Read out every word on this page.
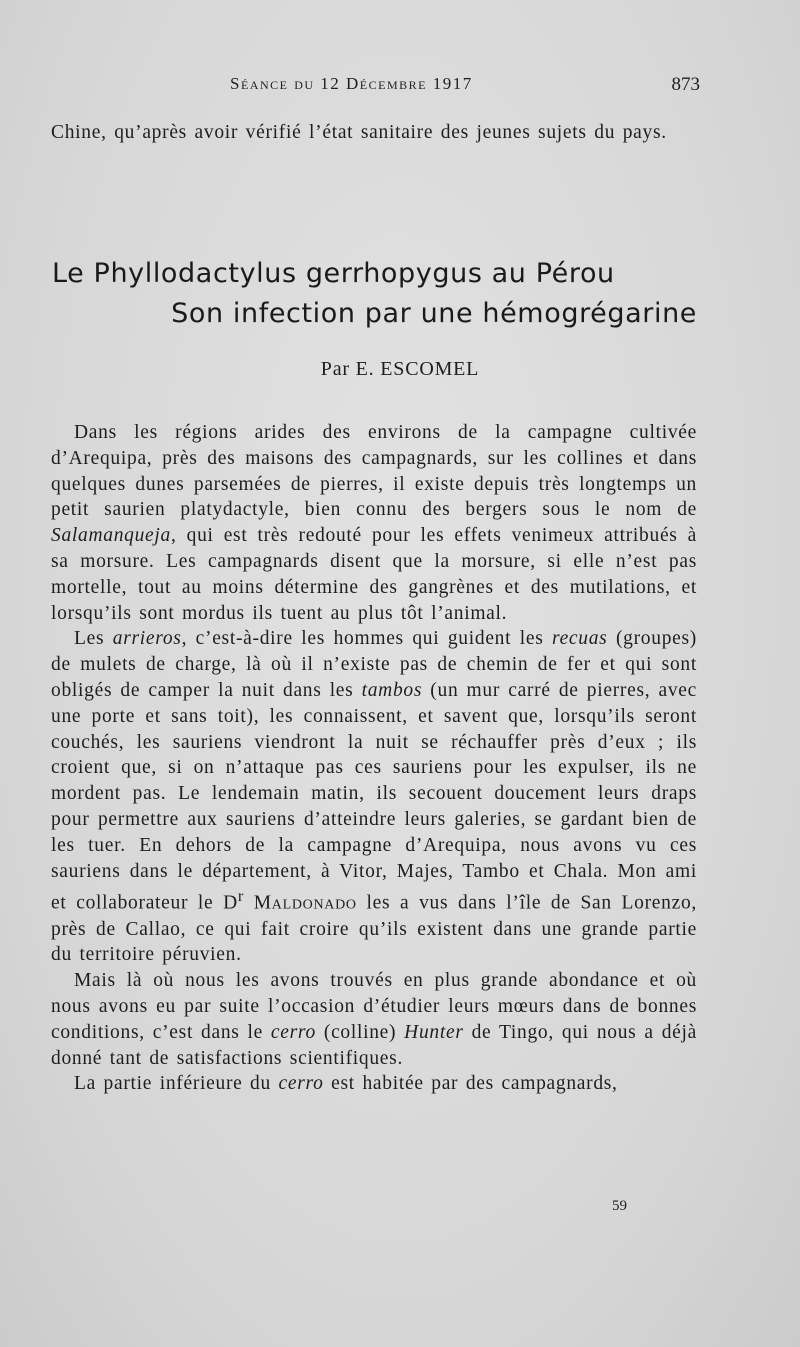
Séance du 12 Décembre 1917	873

Chine, qu’après avoir vérifié l’état sanitaire des jeunes sujets du pays.

Le Phyllodactylus gerrhopygus au Pérou
Son infection par une hémogrégarine
Par E. ESCOMEL

Dans les régions arides des environs de la campagne cultivée d’Arequipa, près des maisons des campagnards, sur les collines et dans quelques dunes parsemées de pierres, il existe depuis très longtemps un petit saurien platydactyle, bien connu des bergers sous le nom de Salamanqueja, qui est très redouté pour les effets venimeux attribués à sa morsure. Les campagnards disent que la morsure, si elle n’est pas mortelle, tout au moins détermine des gangrènes et des mutilations, et lorsqu’ils sont mordus ils tuent au plus tôt l’animal.

Les arrieros, c’est-à-dire les hommes qui guident les recuas (groupes) de mulets de charge, là où il n’existe pas de chemin de fer et qui sont obligés de camper la nuit dans les tambos (un mur carré de pierres, avec une porte et sans toit), les connaissent, et savent que, lorsqu’ils seront couchés, les sauriens viendront la nuit se réchauffer près d’eux ; ils croient que, si on n’attaque pas ces sauriens pour les expulser, ils ne mordent pas. Le lendemain matin, ils secouent doucement leurs draps pour permettre aux sauriens d’atteindre leurs galeries, se gardant bien de les tuer. En dehors de la campagne d’Arequipa, nous avons vu ces sauriens dans le département, à Vitor, Majes, Tambo et Chala. Mon ami et collaborateur le $D^r$ Maldonado les a vus dans l’île de San Lorenzo, près de Callao, ce qui fait croire qu’ils existent dans une grande partie du territoire péruvien.

Mais là où nous les avons trouvés en plus grande abondance et où nous avons eu par suite l’occasion d’étudier leurs mœurs dans de bonnes conditions, c’est dans le cerro (colline) Hunter de Tingo, qui nous a déjà donné tant de satisfactions scientifiques.

La partie inférieure du cerro est habitée par des campagnards,

59
